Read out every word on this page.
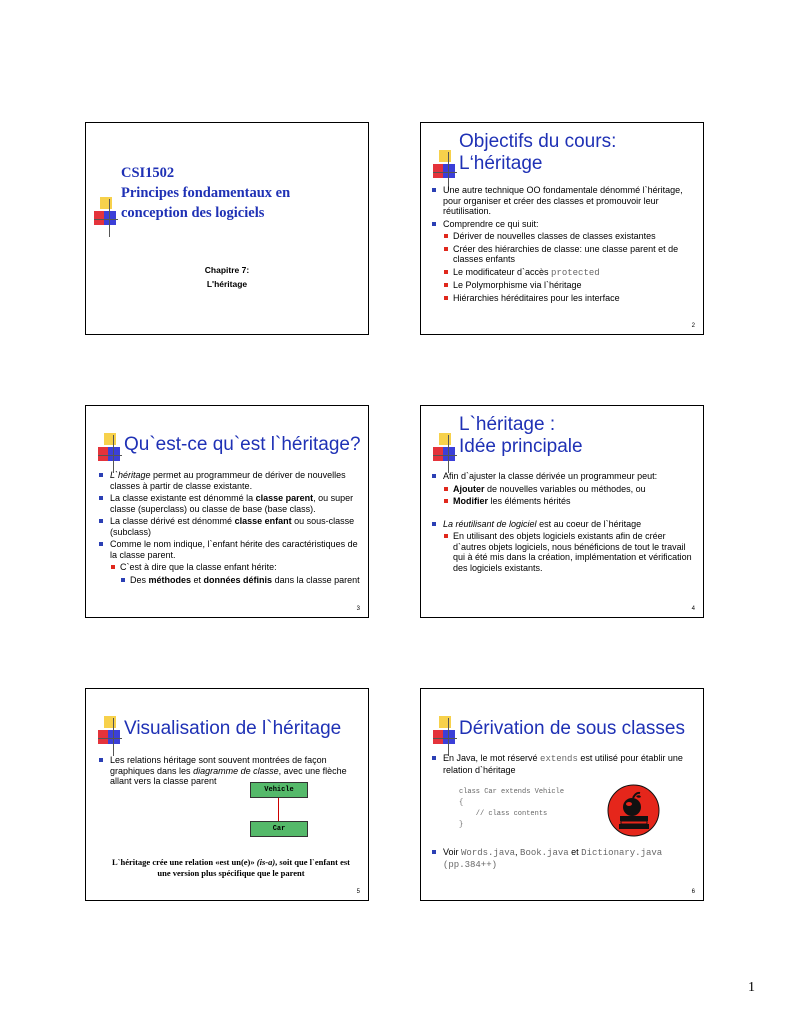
CSI1502
Principes fondamentaux en
conception des logiciels
Chapitre 7:
L'héritage
Objectifs du cours:
L‘héritage
Une autre technique OO fondamentale dénommé l`héritage, pour organiser et créer des classes et promouvoir leur réutilisation.
Comprendre ce qui suit:
Dériver de nouvelles classes de classes existantes
Créer des hiérarchies de classe: une classe parent et de classes enfants
Le modificateur d`accès protected
Le Polymorphisme via l`héritage
Hiérarchies héréditaires pour les interface
2
Qu`est-ce qu`est l`héritage?
L`héritage permet au programmeur de dériver de nouvelles classes à partir de classe existante.
La classe existante est dénommé la classe parent, ou super classe (superclass) ou classe de base (base class).
La classe dérivé est dénommé classe enfant ou sous-classe (subclass)
Comme le nom indique, l`enfant hérite des caractéristiques de la classe parent.
C`est à dire que la classe enfant hérite:
Des méthodes et données définis dans la classe parent
3
L`héritage :
Idée principale
Afin d`ajuster la classe dérivée un programmeur peut:
Ajouter de nouvelles variables ou méthodes, ou
Modifier les éléments hérités
La réutilisant de logiciel est au coeur de l`héritage
En utilisant des objets logiciels existants afin de créer d`autres objets logiciels, nous bénéficions de tout le travail qui à été mis dans la création, implémentation et vérification des logiciels existants.
4
Visualisation de l`héritage
Les relations héritage sont souvent montrées de façon graphiques dans les diagramme de classe, avec une flèche allant vers la classe parent
Vehicle
Car
L`héritage crée une relation «est un(e)» (is-a), soit que l`enfant est une version plus spécifique que le parent
5
Dérivation de sous classes
En Java, le mot réservé extends est utilisé pour établir une relation d`héritage
class Car extends Vehicle
{
// class contents
}
Voir Words.java, Book.java et Dictionary.java
(pp.384++)
6
1
